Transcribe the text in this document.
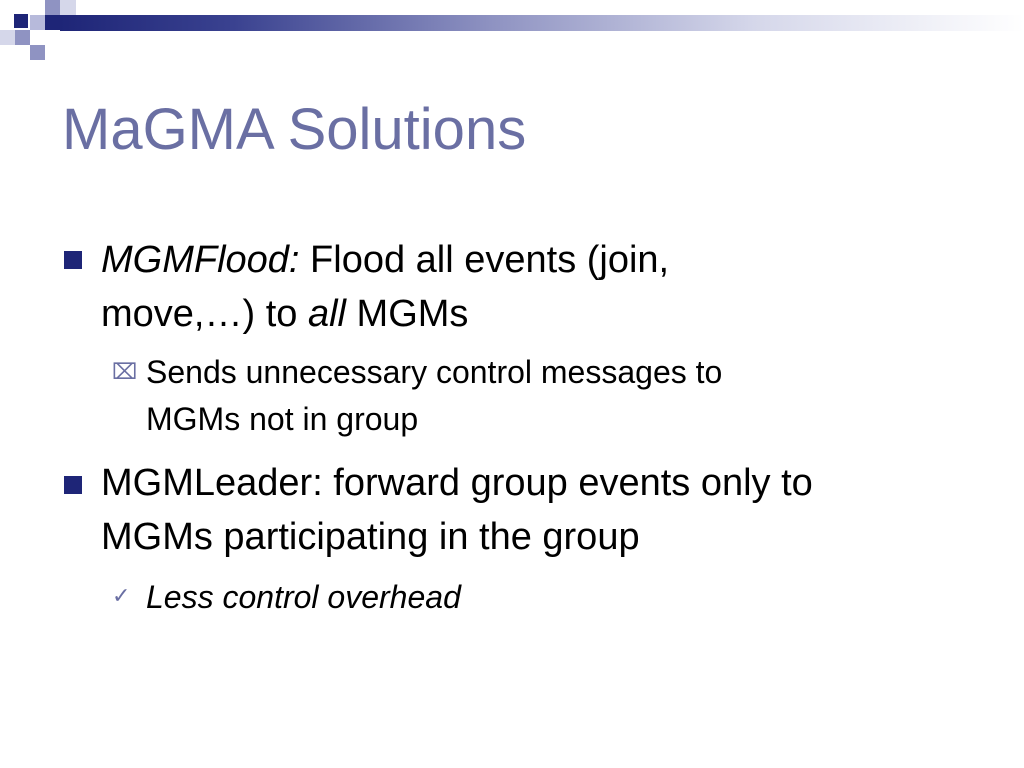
MaGMA Solutions
MGMFlood: Flood all events (join,
move,…) to all MGMs
⌧ Sends unnecessary control messages to
MGMs not in group
MGMLeader: forward group events only to
MGMs participating in the group
✓ Less control overhead
